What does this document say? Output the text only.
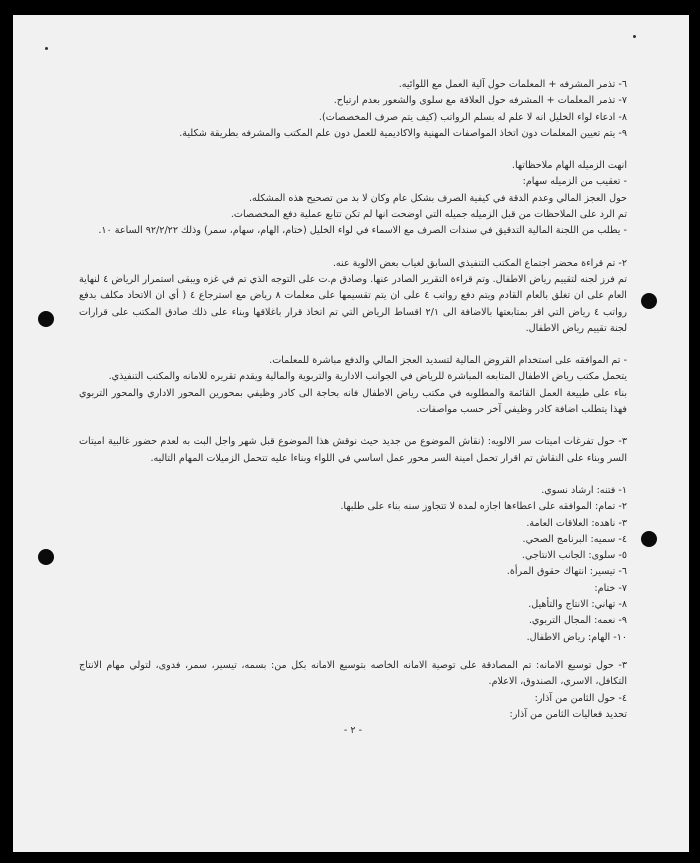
٦- تذمر المشرفه + المعلمات حول آلية العمل مع اللوائيه.

٧- تذمر المعلمات + المشرفه حول العلاقة مع سلوى والشعور بعدم ارتياح.

٨- ادعاء لواء الخليل انه لا علم له بسلم الرواتب (كيف يتم صرف المخصصات).

٩- يتم تعيين المعلمات دون اتخاذ المواصفات المهنية والاكاديمية للعمل دون علم المكتب والمشرفه بطريقة شكلية.

انهت الزميله الهام ملاحظاتها.

- تعقيب من الزميله سهام:

حول العجز المالي وعدم الدقة في كيفية الصرف بشكل عام وكان لا بد من تصحيح هذه المشكله.

تم الرد على الملاحظات من قبل الزميله جميله التي اوضحت انها لم تكن تتابع عملية دفع المخصصات.

- يطلب من اللجنة المالية التدقيق في سندات الصرف مع الاسماء في لواء الخليل (ختام، الهام، سهام، سمر) وذلك ٩٢/٢/٢٢ الساعة ١٠.

٢- تم قراءة محضر اجتماع المكتب التنفيذي السابق لغياب بعض الالوية عنه.

تم فرز لجنه لتقييم رياض الاطفال. وتم قراءة التقرير الصادر عنها. وصادق م.ت على التوجه الذي تم في غزه ويبقى استمرار الرياض ٤ لنهاية العام على ان تغلق بالعام القادم ويتم دفع رواتب ٤ على ان يتم تقسيمها على معلمات ٨ رياض مع استرجاع ٤ ( أي ان الاتحاد مكلف بدفع رواتب ٤ رياض التي اقر بمتابعتها بالاضافة الى ٢/١ اقساط الرياض التي تم اتخاذ قرار باغلاقها وبناء على ذلك صادق المكتب على قرارات لجنة تقييم رياض الاطفال.

- تم الموافقه على استخدام القروض المالية لتسديد العجز المالي والدفع مباشرة للمعلمات.

يتحمل مكتب رياض الاطفال المتابعه المباشرة للرياض في الجوانب الادارية والتربوية والمالية ويقدم تقريره للامانه والمكتب التنفيذي.

بناء على طبيعة العمل القائمة والمطلوبه في مكتب رياض الاطفال فانه بحاجة الى كادر وظيفي بمحورين المحور الاداري والمحور التربوي فهذا يتطلب اضافة كادر وظيفي آخر حسب مواصفات.

٣- حول تفرغات اميتات سر الالويه: (نقاش الموضوع من جديد حيث نوقش هذا الموضوع قبل شهر واجل البت به لعدم حضور غالبية اميتات السر وبناء على النقاش تم اقرار تحمل امينة السر محور عمل اساسي في اللواء وبناءا عليه تتحمل الزميلات المهام التاليه.

١- فتنه: ارشاد نسوي.

٢- تمام: الموافقه على اعطاءها اجازه لمدة لا تتجاوز سنه بناء على طلبها.

٣- ناهده: العلاقات العامة.

٤- سميه: البرنامج الصحي.

٥- سلوى: الجانب الانتاجي.

٦- تيسير: انتهاك حقوق المرأة.

٧- ختام:

٨- تهاني: الانتاج والتأهيل.

٩- نعمه: المجال التربوي.

١٠- الهام: رياض الاطفال.

٣- حول توسيع الامانه: تم المصادقة على توصية الامانه الخاصه بتوسيع الامانه بكل من: بسمه، تيسير، سمر، فدوى، لتولي مهام الانتاج التكافل، الاسري، الصندوق، الاعلام.

٤- حول الثامن من آذار:

تحديد فعاليات الثامن من آذار:

- ٢ -
